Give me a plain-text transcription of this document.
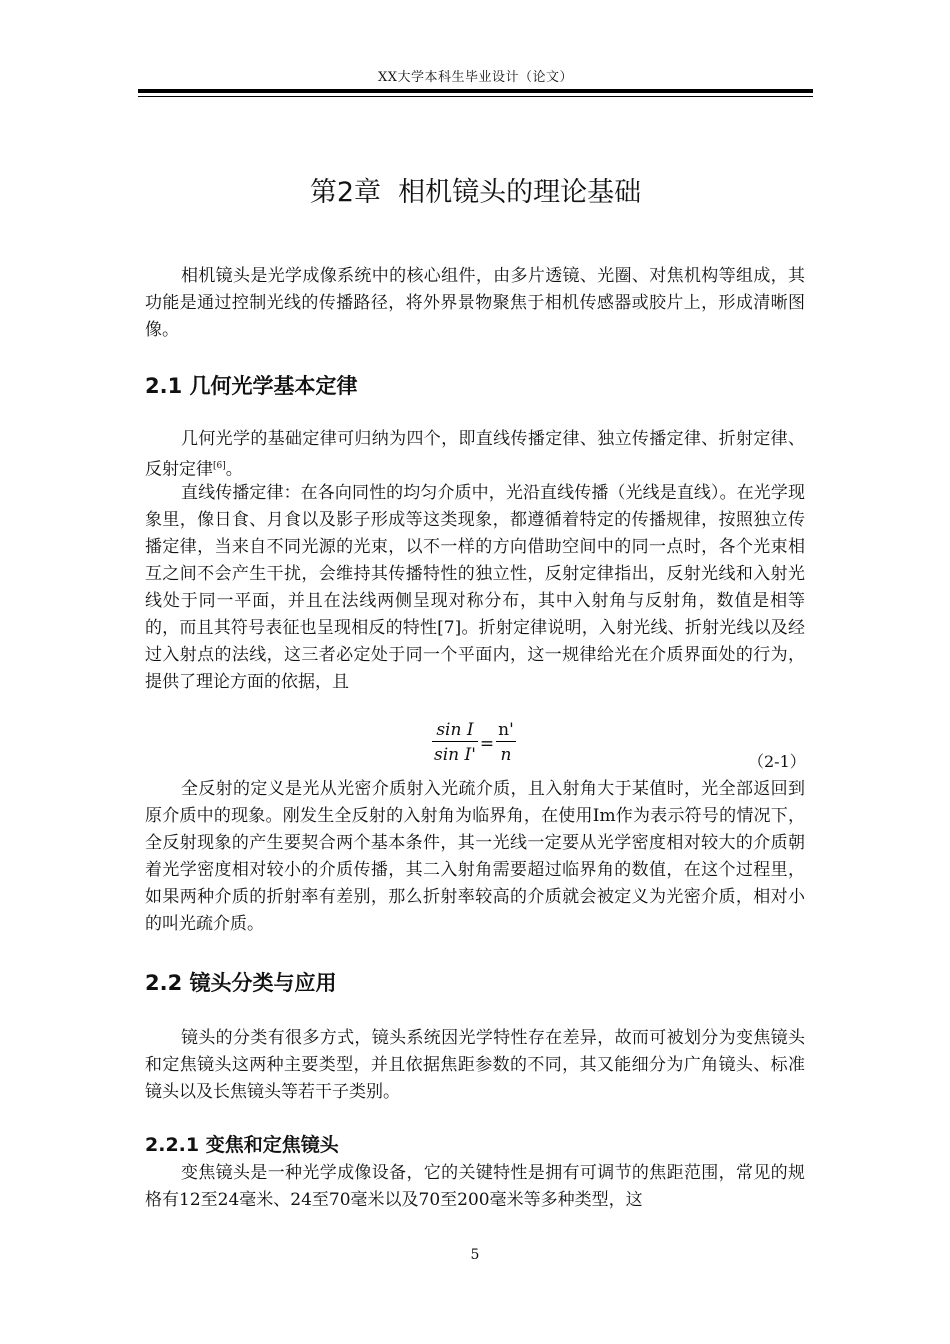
XX大学本科生毕业设计（论文）
第2章  相机镜头的理论基础

相机镜头是光学成像系统中的核心组件，由多片透镜、光圈、对焦机构等组成，其功能是通过控制光线的传播路径，将外界景物聚焦于相机传感器或胶片上，形成清晰图像。

2.1 几何光学基本定律

几何光学的基础定律可归纳为四个，即直线传播定律、独立传播定律、折射定律、反射定律[6]。

直线传播定律：在各向同性的均匀介质中，光沿直线传播（光线是直线）。在光学现象里，像日食、月食以及影子形成等这类现象，都遵循着特定的传播规律，按照独立传播定律，当来自不同光源的光束，以不一样的方向借助空间中的同一点时，各个光束相互之间不会产生干扰，会维持其传播特性的独立性，反射定律指出，反射光线和入射光线处于同一平面，并且在法线两侧呈现对称分布，其中入射角与反射角，数值是相等的，而且其符号表征也呈现相反的特性[7]。折射定律说明，入射光线、折射光线以及经过入射点的法线，这三者必定处于同一个平面内，这一规律给光在介质界面处的行为，提供了理论方面的依据，且

$\frac{\text{sin I}}{\text{sin I'}} = \frac{n'}{n}$	（2-1）

全反射的定义是光从光密介质射入光疏介质，且入射角大于某值时，光全部返回到原介质中的现象。刚发生全反射的入射角为临界角，在使用Im作为表示符号的情况下，全反射现象的产生要契合两个基本条件，其一光线一定要从光学密度相对较大的介质朝着光学密度相对较小的介质传播，其二入射角需要超过临界角的数值，在这个过程里，如果两种介质的折射率有差别，那么折射率较高的介质就会被定义为光密介质，相对小的叫光疏介质。

2.2 镜头分类与应用

镜头的分类有很多方式，镜头系统因光学特性存在差异，故而可被划分为变焦镜头和定焦镜头这两种主要类型，并且依据焦距参数的不同，其又能细分为广角镜头、标准镜头以及长焦镜头等若干子类别。

2.2.1 变焦和定焦镜头

变焦镜头是一种光学成像设备，它的关键特性是拥有可调节的焦距范围，常见的规格有12至24毫米、24至70毫米以及70至200毫米等多种类型，这

5
